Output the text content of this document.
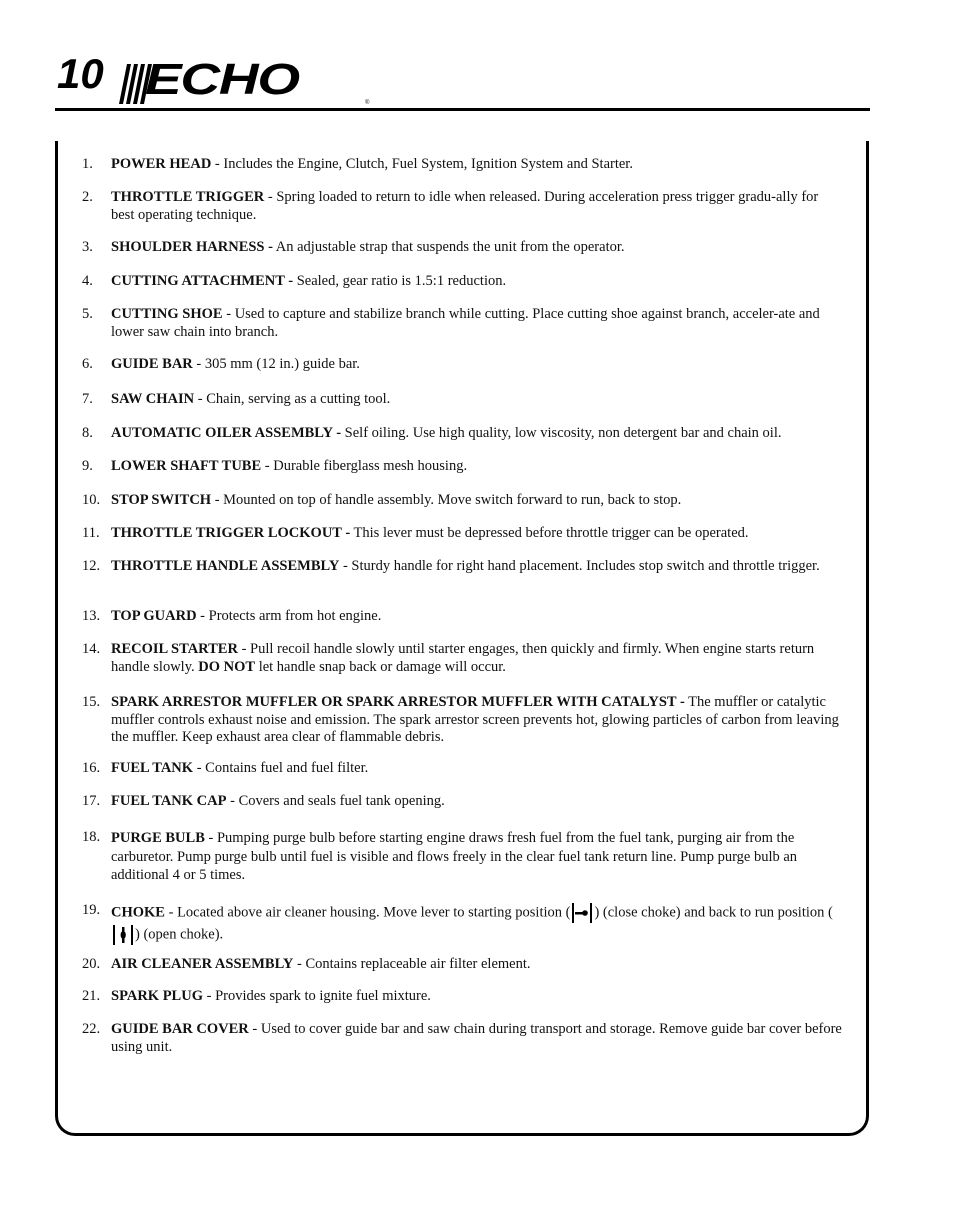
10 ECHO	®
1.	POWER HEAD - Includes the Engine, Clutch, Fuel System, Ignition System and Starter.
2.	THROTTLE TRIGGER - Spring loaded to return to idle when released. During acceleration press trigger gradu-ally for best operating technique.
3.	SHOULDER HARNESS - An adjustable strap that suspends the unit from the operator.
4.	CUTTING ATTACHMENT - Sealed, gear ratio is 1.5:1 reduction.
5.	CUTTING SHOE - Used to capture and stabilize branch while cutting. Place cutting shoe against branch, acceler-ate and lower saw chain into branch.
6.	GUIDE BAR - 305 mm (12 in.) guide bar.
7.	SAW CHAIN - Chain, serving as a cutting tool.
8.	AUTOMATIC OILER ASSEMBLY - Self oiling. Use high quality, low viscosity, non detergent bar and chain oil.
9.	LOWER SHAFT TUBE - Durable fiberglass mesh housing.
10. STOP SWITCH - Mounted on top of handle assembly. Move switch forward to run, back to stop.
11. THROTTLE TRIGGER LOCKOUT - This lever must be depressed before throttle trigger can be operated.
12. THROTTLE HANDLE ASSEMBLY - Sturdy handle for right hand placement. Includes stop switch and throttle trigger.
13. TOP GUARD - Protects arm from hot engine.
14. RECOIL STARTER - Pull recoil handle slowly until starter engages, then quickly and firmly. When engine starts return handle slowly. DO NOT let handle snap back or damage will occur.
15. SPARK ARRESTOR MUFFLER OR SPARK ARRESTOR MUFFLER WITH CATALYST - The muffler or catalytic muffler controls exhaust noise and emission. The spark arrestor screen prevents hot, glowing particles of carbon from leaving the muffler. Keep exhaust area clear of flammable debris.
16. FUEL TANK - Contains fuel and fuel filter.
17. FUEL TANK CAP - Covers and seals fuel tank opening.
18. PURGE BULB - Pumping purge bulb before starting engine draws fresh fuel from the fuel tank, purging air from the carburetor. Pump purge bulb until fuel is visible and flows freely in the clear fuel tank return line. Pump purge bulb an additional 4 or 5 times.
19. CHOKE - Located above air cleaner housing. Move lever to starting position ( ) (close choke) and back to run position () (open choke).
20. AIR CLEANER ASSEMBLY - Contains replaceable air filter element.
21. SPARK PLUG - Provides spark to ignite fuel mixture.
22. GUIDE BAR COVER - Used to cover guide bar and saw chain during transport and storage. Remove guide bar cover before using unit.
